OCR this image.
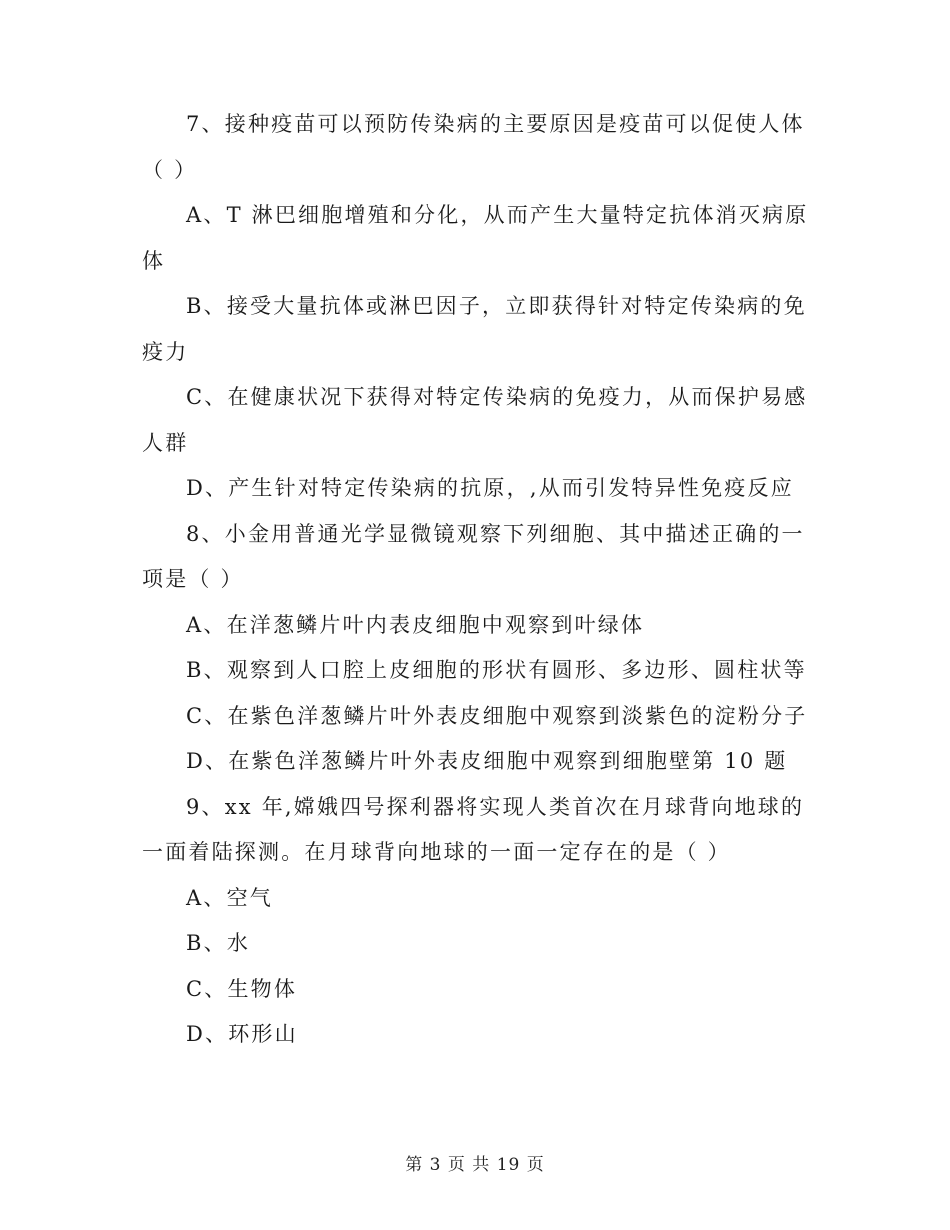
7、接种疫苗可以预防传染病的主要原因是疫苗可以促使人体
（ ）
A、T 淋巴细胞增殖和分化，从而产生大量特定抗体消灭病原
体
B、接受大量抗体或淋巴因子，立即获得针对特定传染病的免
疫力
C、在健康状况下获得对特定传染病的免疫力，从而保护易感
人群
D、产生针对特定传染病的抗原，,从而引发特异性免疫反应
8、小金用普通光学显微镜观察下列细胞、其中描述正确的一
项是（ ）
A、在洋葱鳞片叶内表皮细胞中观察到叶绿体
B、观察到人口腔上皮细胞的形状有圆形、多边形、圆柱状等
C、在紫色洋葱鳞片叶外表皮细胞中观察到淡紫色的淀粉分子
D、在紫色洋葱鳞片叶外表皮细胞中观察到细胞壁第 10 题
9、xx 年,嫦娥四号探利器将实现人类首次在月球背向地球的
一面着陆探测。在月球背向地球的一面一定存在的是（ ）
A、空气
B、水
C、生物体
D、环形山
第 3 页 共 19 页
